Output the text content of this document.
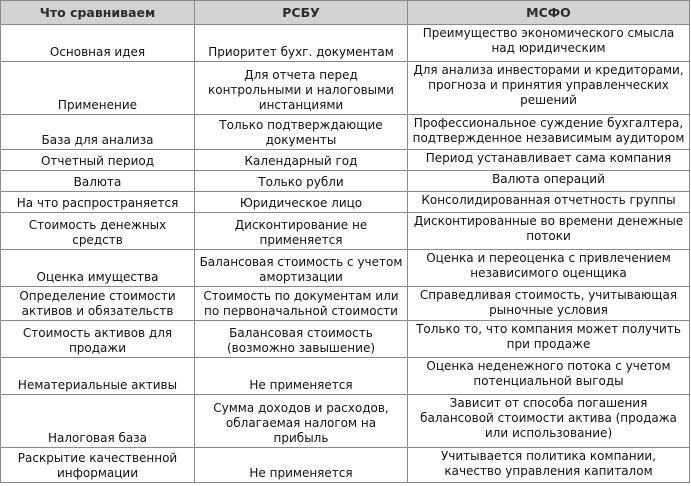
Что сравниваем	РСБУ	МСФО
Основная идея	Приоритет бухг. документам	Преимущество экономического смысла над юридическим
Применение	Для отчета перед контрольными и налоговыми инстанциями	Для анализа инвесторами и кредиторами, прогноза и принятия управленческих решений
База для анализа	Только подтверждающие документы	Профессиональное суждение бухгалтера, подтвержденное независимым аудитором
Отчетный период	Календарный год	Период устанавливает сама компания
Валюта	Только рубли	Валюта операций
На что распространяется	Юридическое лицо	Консолидированная отчетность группы
Стоимость денежных средств	Дисконтирование не применяется	Дисконтированные во времени денежные потоки
Оценка имущества	Балансовая стоимость с учетом амортизации	Оценка и переоценка с привлечением независимого оценщика
Определение стоимости активов и обязательств	Стоимость по документам или по первоначальной стоимости	Справедливая стоимость, учитывающая рыночные условия
Стоимость активов для продажи	Балансовая стоимость (возможно завышение)	Только то, что компания может получить при продаже
Нематериальные активы	Не применяется	Оценка неденежного потока с учетом потенциальной выгоды
Налоговая база	Сумма доходов и расходов, облагаемая налогом на прибыль	Зависит от способа погашения балансовой стоимости актива (продажа или использование)
Раскрытие качественной информации	Не применяется	Учитывается политика компании, качество управления капиталом
